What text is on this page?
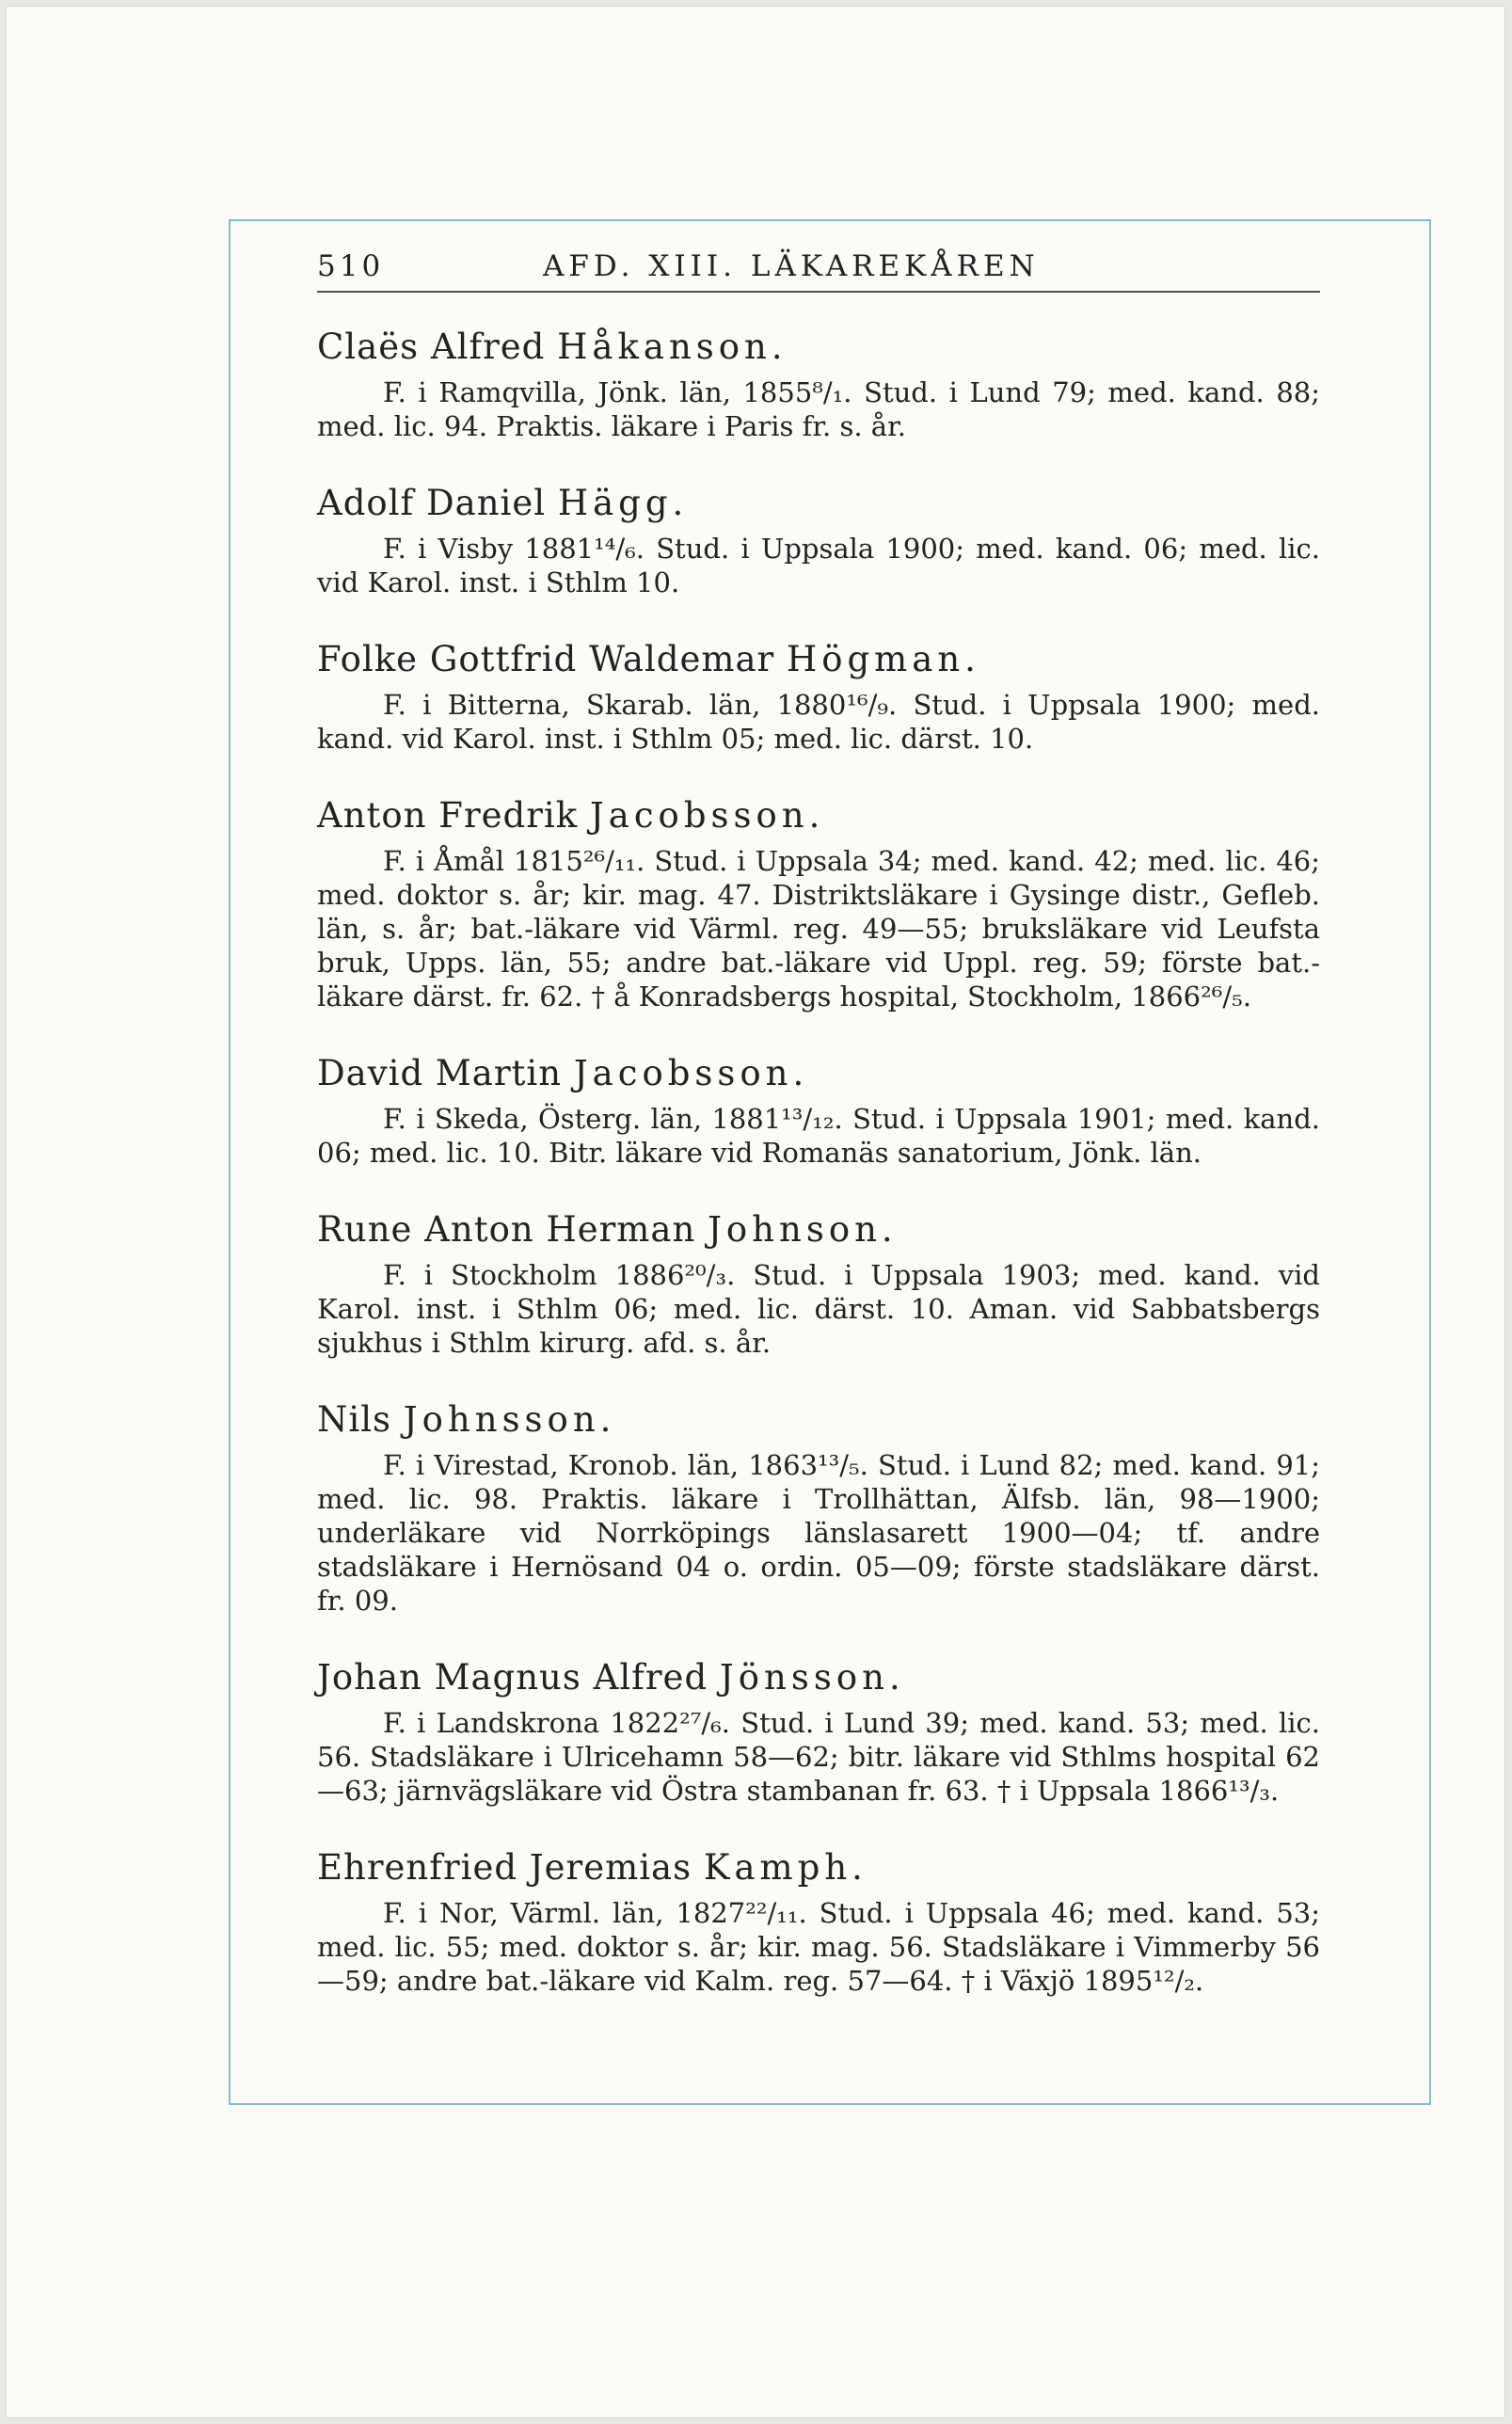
510	AFD. XIII. LÄKAREKÅREN

Claës Alfred Håkanson.

F. i Ramqvilla, Jönk. län, 1855⁸/₁. Stud. i Lund 79; med. kand. 88; med. lic. 94. Praktis. läkare i Paris fr. s. år.

Adolf Daniel Hägg.

F. i Visby 1881¹⁴/₆. Stud. i Uppsala 1900; med. kand. 06; med. lic. vid Karol. inst. i Sthlm 10.

Folke Gottfrid Waldemar Högman.

F. i Bitterna, Skarab. län, 1880¹⁶/₉. Stud. i Uppsala 1900; med. kand. vid Karol. inst. i Sthlm 05; med. lic. därst. 10.

Anton Fredrik Jacobsson.

F. i Åmål 1815²⁶/₁₁. Stud. i Uppsala 34; med. kand. 42; med. lic. 46; med. doktor s. år; kir. mag. 47. Distriktsläkare i Gysinge distr., Gefleb. län, s. år; bat.-läkare vid Värml. reg. 49—55; bruksläkare vid Leufsta bruk, Upps. län, 55; andre bat.-läkare vid Uppl. reg. 59; förste bat.-läkare därst. fr. 62. † å Konradsbergs hospital, Stockholm, 1866²⁶/₅.

David Martin Jacobsson.

F. i Skeda, Österg. län, 1881¹³/₁₂. Stud. i Uppsala 1901; med. kand. 06; med. lic. 10. Bitr. läkare vid Romanäs sanatorium, Jönk. län.

Rune Anton Herman Johnson.

F. i Stockholm 1886²⁰/₃. Stud. i Uppsala 1903; med. kand. vid Karol. inst. i Sthlm 06; med. lic. därst. 10. Aman. vid Sabbatsbergs sjukhus i Sthlm kirurg. afd. s. år.

Nils Johnsson.

F. i Virestad, Kronob. län, 1863¹³/₅. Stud. i Lund 82; med. kand. 91; med. lic. 98. Praktis. läkare i Trollhättan, Älfsb. län, 98—1900; underläkare vid Norrköpings länslasarett 1900—04; tf. andre stadsläkare i Hernösand 04 o. ordin. 05—09; förste stadsläkare därst. fr. 09.

Johan Magnus Alfred Jönsson.

F. i Landskrona 1822²⁷/₆. Stud. i Lund 39; med. kand. 53; med. lic. 56. Stadsläkare i Ulricehamn 58—62; bitr. läkare vid Sthlms hospital 62—63; järnvägsläkare vid Östra stambanan fr. 63. † i Uppsala 1866¹³/₃.

Ehrenfried Jeremias Kamph.

F. i Nor, Värml. län, 1827²²/₁₁. Stud. i Uppsala 46; med. kand. 53; med. lic. 55; med. doktor s. år; kir. mag. 56. Stadsläkare i Vimmerby 56—59; andre bat.-läkare vid Kalm. reg. 57—64. † i Växjö 1895¹²/₂.
